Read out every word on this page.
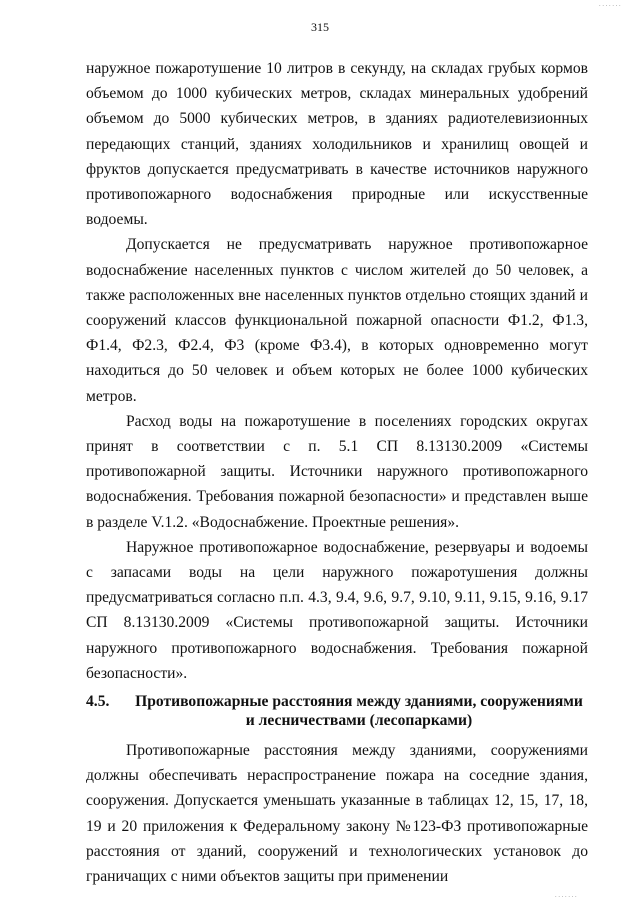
·······
315

наружное пожаротушение 10 литров в секунду, на складах грубых кормов объемом до 1000 кубических метров, складах минеральных удобрений объемом до 5000 кубических метров, в зданиях радиотелевизионных передающих станций, зданиях холодильников и хранилищ овощей и фруктов допускается предусматривать в качестве источников наружного противопожарного водоснабжения природные или искусственные водоемы.

Допускается не предусматривать наружное противопожарное водоснабжение населенных пунктов с числом жителей до 50 человек, а также расположенных вне населенных пунктов отдельно стоящих зданий и сооружений классов функциональной пожарной опасности Ф1.2, Ф1.3, Ф1.4, Ф2.3, Ф2.4, Ф3 (кроме Ф3.4), в которых одновременно могут находиться до 50 человек и объем которых не более 1000 кубических метров.

Расход воды на пожаротушение в поселениях городских округах принят в соответствии с п. 5.1 СП 8.13130.2009 «Системы противопожарной защиты. Источники наружного противопожарного водоснабжения. Требования пожарной безопасности» и представлен выше в разделе V.1.2. «Водоснабжение. Проектные решения».

Наружное противопожарное водоснабжение, резервуары и водоемы с запасами воды на цели наружного пожаротушения должны предусматриваться согласно п.п. 4.3, 9.4, 9.6, 9.7, 9.10, 9.11, 9.15, 9.16, 9.17 СП 8.13130.2009 «Системы противопожарной защиты. Источники наружного противопожарного водоснабжения. Требования пожарной безопасности».

4.5.	Противопожарные расстояния между зданиями, сооружениями и лесничествами (лесопарками)

Противопожарные расстояния между зданиями, сооружениями должны обеспечивать нераспространение пожара на соседние здания, сооружения. Допускается уменьшать указанные в таблицах 12, 15, 17, 18, 19 и 20 приложения к Федеральному закону №123-ФЗ противопожарные расстояния от зданий, сооружений и технологических установок до граничащих с ними объектов защиты при применении

·······
